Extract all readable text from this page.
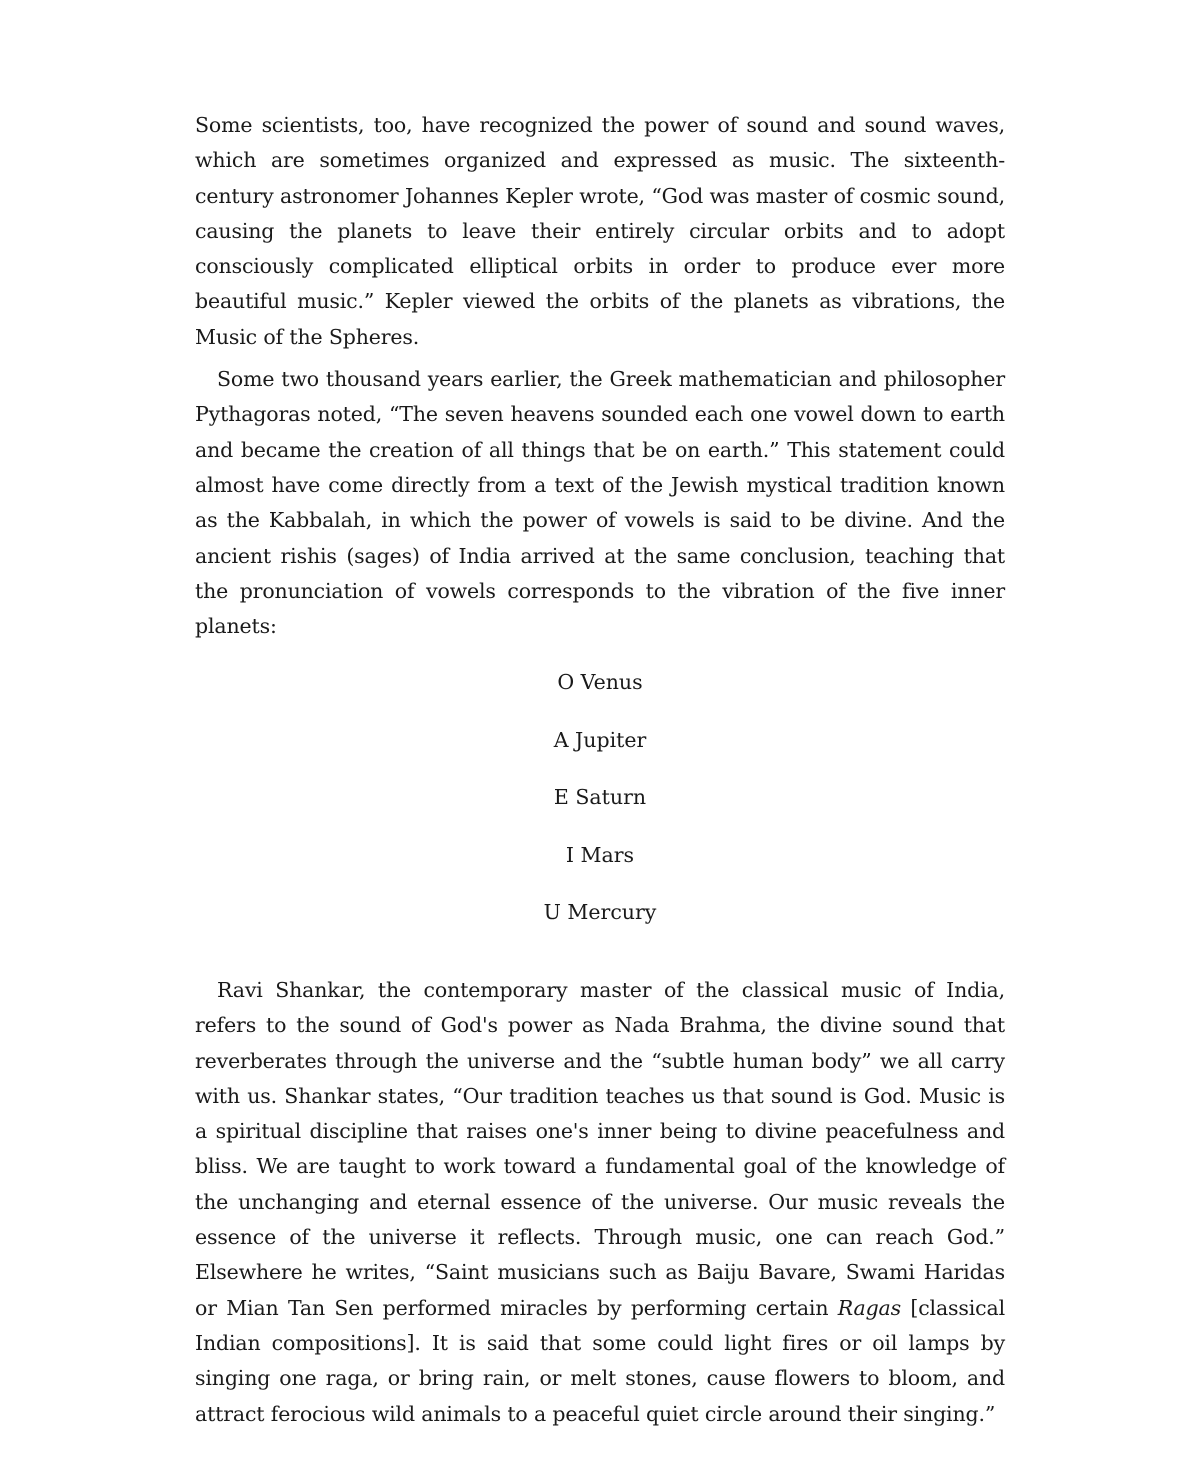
Some scientists, too, have recognized the power of sound and sound waves, which are sometimes organized and expressed as music. The sixteenth-century astronomer Johannes Kepler wrote, “God was master of cosmic sound, causing the planets to leave their entirely circular orbits and to adopt consciously complicated elliptical orbits in order to produce ever more beautiful music.” Kepler viewed the orbits of the planets as vibrations, the Music of the Spheres.

Some two thousand years earlier, the Greek mathematician and philosopher Pythagoras noted, “The seven heavens sounded each one vowel down to earth and became the creation of all things that be on earth.” This statement could almost have come directly from a text of the Jewish mystical tradition known as the Kabbalah, in which the power of vowels is said to be divine. And the ancient rishis (sages) of India arrived at the same conclusion, teaching that the pronunciation of vowels corresponds to the vibration of the five inner planets:

O Venus
A Jupiter
E Saturn
I Mars
U Mercury

Ravi Shankar, the contemporary master of the classical music of India, refers to the sound of God's power as Nada Brahma, the divine sound that reverberates through the universe and the “subtle human body” we all carry with us. Shankar states, “Our tradition teaches us that sound is God. Music is a spiritual discipline that raises one's inner being to divine peacefulness and bliss. We are taught to work toward a fundamental goal of the knowledge of the unchanging and eternal essence of the universe. Our music reveals the essence of the universe it reflects. Through music, one can reach God.” Elsewhere he writes, “Saint musicians such as Baiju Bavare, Swami Haridas or Mian Tan Sen performed miracles by performing certain Ragas [classical Indian compositions]. It is said that some could light fires or oil lamps by singing one raga, or bring rain, or melt stones, cause flowers to bloom, and attract ferocious wild animals to a peaceful quiet circle around their singing.”
